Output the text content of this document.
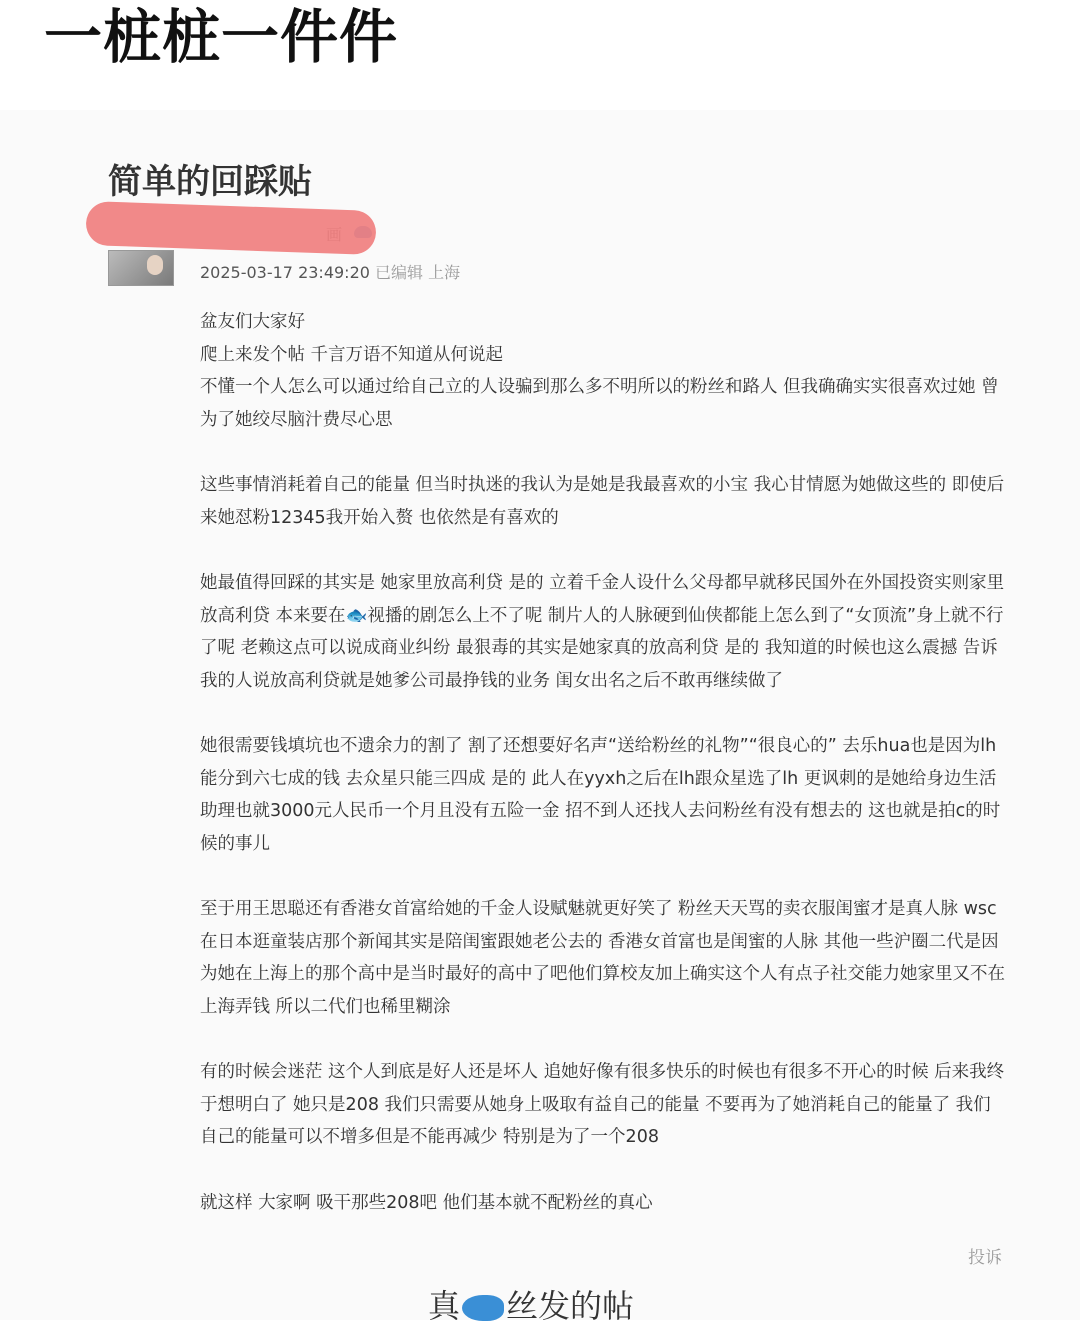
一桩桩一件件
简单的回踩贴
2025-03-17 23:49:20 已编辑 上海

盆友们大家好
爬上来发个帖 千言万语不知道从何说起
不懂一个人怎么可以通过给自己立的人设骗到那么多不明所以的粉丝和路人 但我确确实实很喜欢过她 曾为了她绞尽脑汁费尽心思

这些事情消耗着自己的能量 但当时执迷的我认为是她是我最喜欢的小宝 我心甘情愿为她做这些的 即使后来她怼粉12345我开始入赘 也依然是有喜欢的

她最值得回踩的其实是 她家里放高利贷 是的 立着千金人设什么父母都早就移民国外在外国投资实则家里放高利贷 本来要在🐟视播的剧怎么上不了呢 制片人的人脉硬到仙侠都能上怎么到了“女顶流”身上就不行了呢 老赖这点可以说成商业纠纷 最狠毒的其实是她家真的放高利贷 是的 我知道的时候也这么震撼 告诉我的人说放高利贷就是她爹公司最挣钱的业务 闺女出名之后不敢再继续做了

她很需要钱填坑也不遗余力的割了 割了还想要好名声“送给粉丝的礼物”“很良心的” 去乐hua也是因为lh能分到六七成的钱 去众星只能三四成 是的 此人在yyxh之后在lh跟众星选了lh 更讽刺的是她给身边生活助理也就3000元人民币一个月且没有五险一金 招不到人还找人去问粉丝有没有想去的 这也就是拍c的时候的事儿

至于用王思聪还有香港女首富给她的千金人设赋魅就更好笑了 粉丝天天骂的卖衣服闺蜜才是真人脉 wsc在日本逛童装店那个新闻其实是陪闺蜜跟她老公去的 香港女首富也是闺蜜的人脉 其他一些沪圈二代是因为她在上海上的那个高中是当时最好的高中了吧他们算校友加上确实这个人有点子社交能力她家里又不在上海弄钱 所以二代们也稀里糊涂

有的时候会迷茫 这个人到底是好人还是坏人 追她好像有很多快乐的时候也有很多不开心的时候 后来我终于想明白了 她只是208 我们只需要从她身上吸取有益自己的能量 不要再为了她消耗自己的能量了 我们自己的能量可以不增多但是不能再减少 特别是为了一个208

就这样 大家啊 吸干那些208吧 他们基本就不配粉丝的真心

投诉
真 丝发的帖
